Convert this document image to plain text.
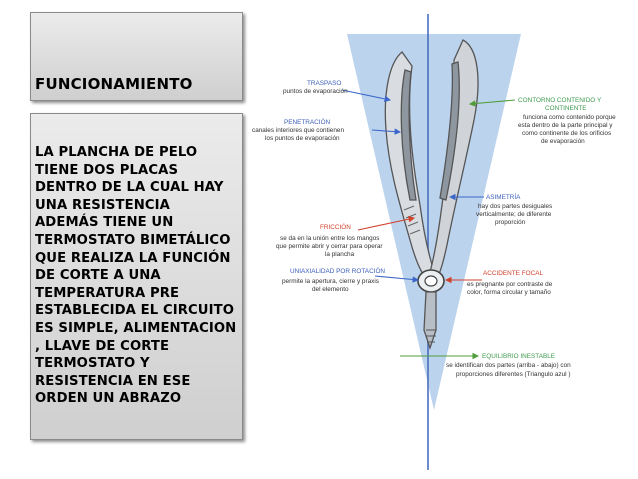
FUNCIONAMIENTO
LA PLANCHA DE PELO TIENE DOS PLACAS DENTRO DE LA CUAL HAY UNA RESISTENCIA ADEMÁS TIENE UN TERMOSTATO BIMETÁLICO QUE REALIZA LA FUNCIÓN DE CORTE A UNA TEMPERATURA PRE ESTABLECIDA EL CIRCUITO ES SIMPLE, ALIMENTACION , LLAVE DE CORTE TERMOSTATO Y RESISTENCIA EN ESE ORDEN UN ABRAZO
TRASPASO
puntos de evaporación
PENETRACIÓN
canales interiores que contienen
los puntos de evaporación
CONTORNO CONTENIDO Y
CONTINENTE
funciona como contenido porque
esta dentro de la parte principal y
como continente de los orificios
de evaporación
ASIMETRÍA
hay dos partes desiguales
verticalmente; de diferente
proporción
FRICCIÓN
se da en la unión entre los mangos
que permite abrir y cerrar para operar
la plancha
UNIAXIALIDAD POR ROTACIÓN
permite la apertura, cierre y praxis
del elemento
ACCIDENTE FOCAL
es pregnante por contraste de
color, forma circular y tamaño
EQUILIBRIO INESTABLE
se identifican dos partes (arriba - abajo) con
proporciones diferentes (Triangulo azul )
